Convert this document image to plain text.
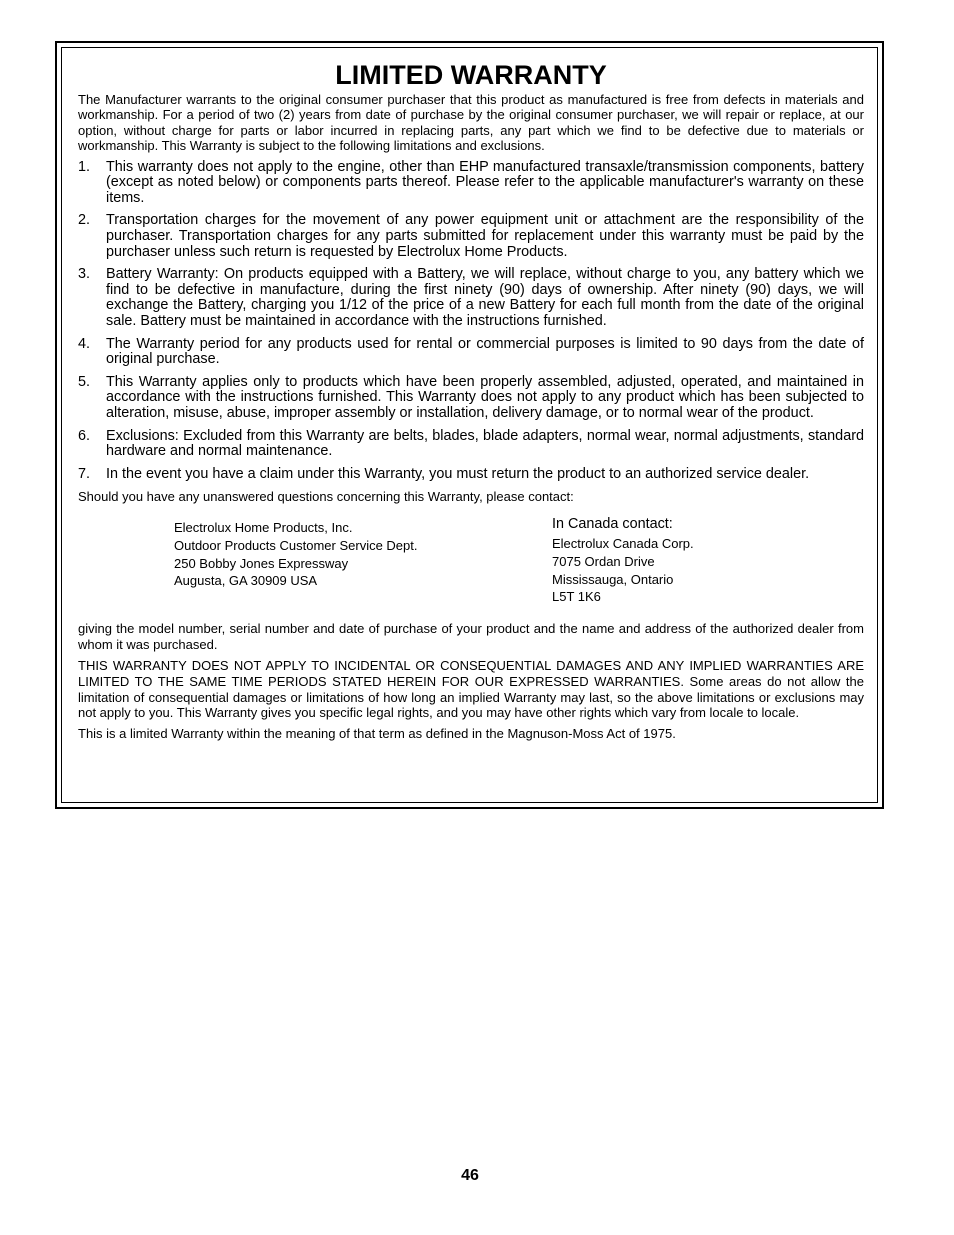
LIMITED WARRANTY

The Manufacturer warrants to the original consumer purchaser that this product as manufactured is free from defects in materials and workmanship. For a period of two (2) years from date of purchase by the original consumer purchaser, we will repair or replace, at our option, without charge for parts or labor incurred in replacing parts, any part which we find to be defective due to materials or workmanship. This Warranty is subject to the following limitations and exclusions.

1. This warranty does not apply to the engine, other than EHP manufactured transaxle/transmission components, battery (except as noted below) or components parts thereof. Please refer to the applicable manufacturer's warranty on these items.
2. Transportation charges for the movement of any power equipment unit or attachment are the responsibility of the purchaser. Transportation charges for any parts submitted for replacement under this warranty must be paid by the purchaser unless such return is requested by Electrolux Home Products.
3. Battery Warranty: On products equipped with a Battery, we will replace, without charge to you, any battery which we find to be defective in manufacture, during the first ninety (90) days of ownership. After ninety (90) days, we will exchange the Battery, charging you 1/12 of the price of a new Battery for each full month from the date of the original sale. Battery must be maintained in accordance with the instructions furnished.
4. The Warranty period for any products used for rental or commercial purposes is limited to 90 days from the date of original purchase.
5. This Warranty applies only to products which have been properly assembled, adjusted, operated, and maintained in accordance with the instructions furnished. This Warranty does not apply to any product which has been subjected to alteration, misuse, abuse, improper assembly or installation, delivery damage, or to normal wear of the product.
6. Exclusions: Excluded from this Warranty are belts, blades, blade adapters, normal wear, normal adjustments, standard hardware and normal maintenance.
7. In the event you have a claim under this Warranty, you must return the product to an authorized service dealer.

Should you have any unanswered questions concerning this Warranty, please contact:

Electrolux Home Products, Inc.
Outdoor Products Customer Service Dept.
250 Bobby Jones Expressway
Augusta, GA 30909 USA
In Canada contact:
Electrolux Canada Corp.
7075 Ordan Drive
Mississauga, Ontario
L5T 1K6

giving the model number, serial number and date of purchase of your product and the name and address of the authorized dealer from whom it was purchased.

THIS WARRANTY DOES NOT APPLY TO INCIDENTAL OR CONSEQUENTIAL DAMAGES AND ANY IMPLIED WARRANTIES ARE LIMITED TO THE SAME TIME PERIODS STATED HEREIN FOR OUR EXPRESSED WARRANTIES. Some areas do not allow the limitation of consequential damages or limitations of how long an implied Warranty may last, so the above limitations or exclusions may not apply to you. This Warranty gives you specific legal rights, and you may have other rights which vary from locale to locale.

This is a limited Warranty within the meaning of that term as defined in the Magnuson-Moss Act of 1975.

46
